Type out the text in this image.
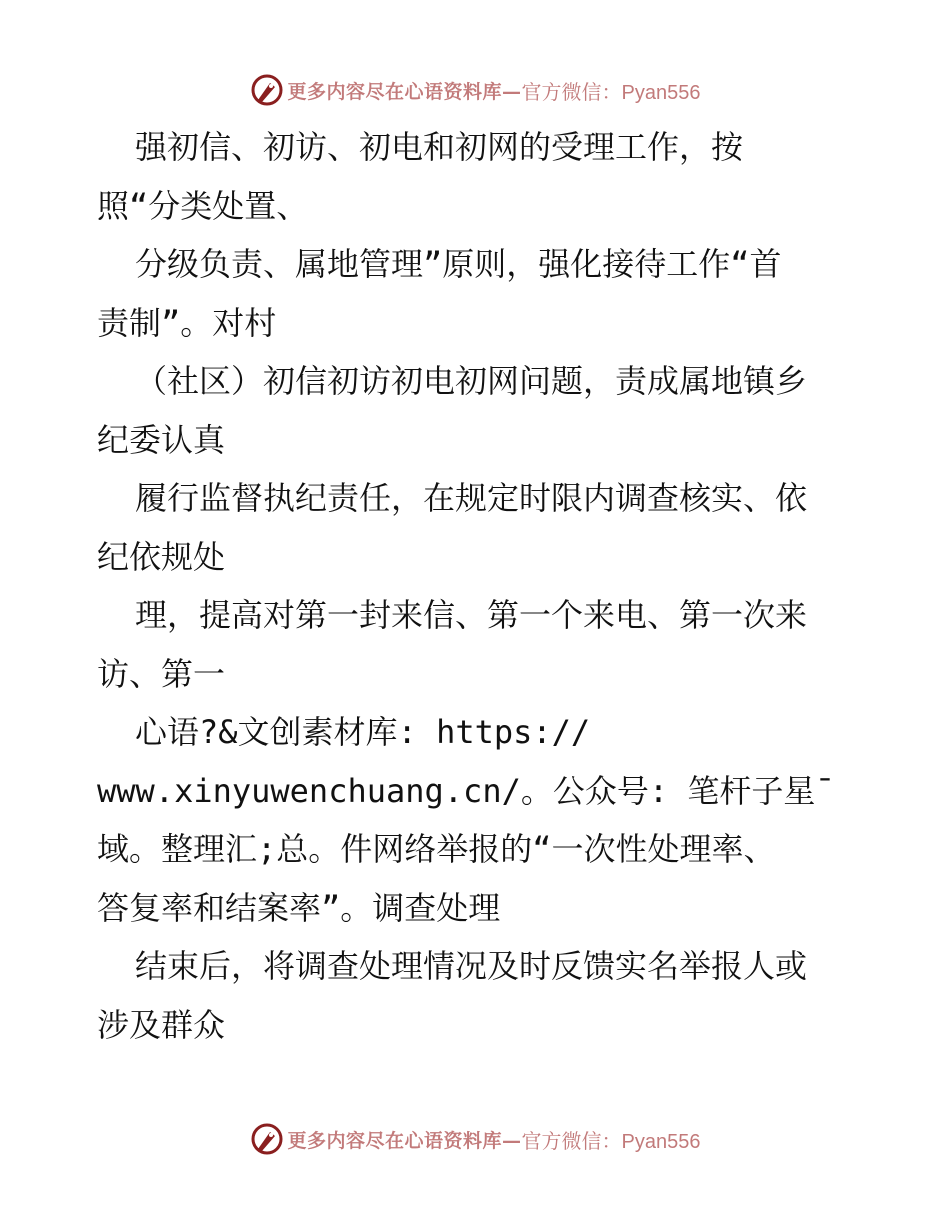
更多内容尽在心语资料库— 官方微信：Pyan556
强初信、初访、初电和初网的受理工作，按
照“分类处置、
分级负责、属地管理”原则，强化接待工作“首
责制”。对村
（社区）初信初访初电初网问题，责成属地镇乡
纪委认真
履行监督执纪责任，在规定时限内调查核实、依
纪依规处
理，提高对第一封来信、第一个来电、第一次来
访、第一
心语?&文创素材库: https://
www.xinyuwenchuang.cn/。公众号: 笔杆子星¯
域。整理汇;总。件网络举报的“一次性处理率、
答复率和结案率”。调查处理
结束后，将调查处理情况及时反馈实名举报人或
涉及群众
更多内容尽在心语资料库— 官方微信：Pyan556
